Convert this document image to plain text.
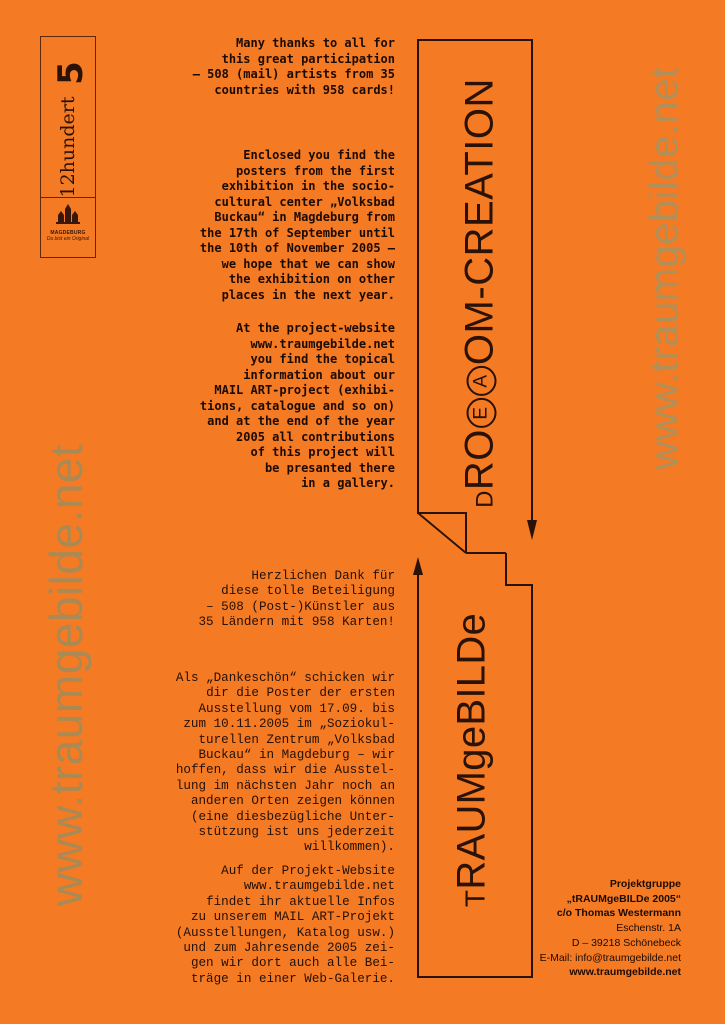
www.traumgebilde.net
www.traumgebilde.net
5
12hundert
MAGDEBURG
Du bist ein Original
Many thanks to all for
this great participation
– 508 (mail) artists from 35
countries with 958 cards!
Enclosed you find the
posters from the first
exhibition in the socio-
cultural center „Volksbad
Buckau“ in Magdeburg from
the 17th of September until
the 10th of November 2005 –
we hope that we can show
the exhibition on other
places in the next year.
At the project-website
www.traumgebilde.net
you find the topical
information about our
MAIL ART-project (exhibi-
tions, catalogue and so on)
and at the end of the year
2005 all contributions
of this project will
be presanted there
in a gallery.
Herzlichen Dank für
diese tolle Beteiligung
– 508 (Post-)Künstler aus
35 Ländern mit 958 Karten!
Als „Dankeschön“ schicken wir
dir die Poster der ersten
Ausstellung vom 17.09. bis
zum 10.11.2005 im „Soziokul-
turellen Zentrum „Volksbad
Buckau“ in Magdeburg – wir
hoffen, dass wir die Ausstel-
lung im nächsten Jahr noch an
anderen Orten zeigen können
(eine diesbezügliche Unter-
stützung ist uns jederzeit
willkommen).
Auf der Projekt-Website
www.traumgebilde.net
findet ihr aktuelle Infos
zu unserem MAIL ART-Projekt
(Ausstellungen, Katalog usw.)
und zum Jahresende 2005 zei-
gen wir dort auch alle Bei-
träge in einer Web-Galerie.
DROEAOM-CREATION
TRAUMgeBILDe	Projektgruppe
„tRAUMgeBILDe 2005“
c/o Thomas Westermann
Eschenstr. 1A
D – 39218 Schönebeck
E-Mail: info@traumgebilde.net
www.traumgebilde.net
